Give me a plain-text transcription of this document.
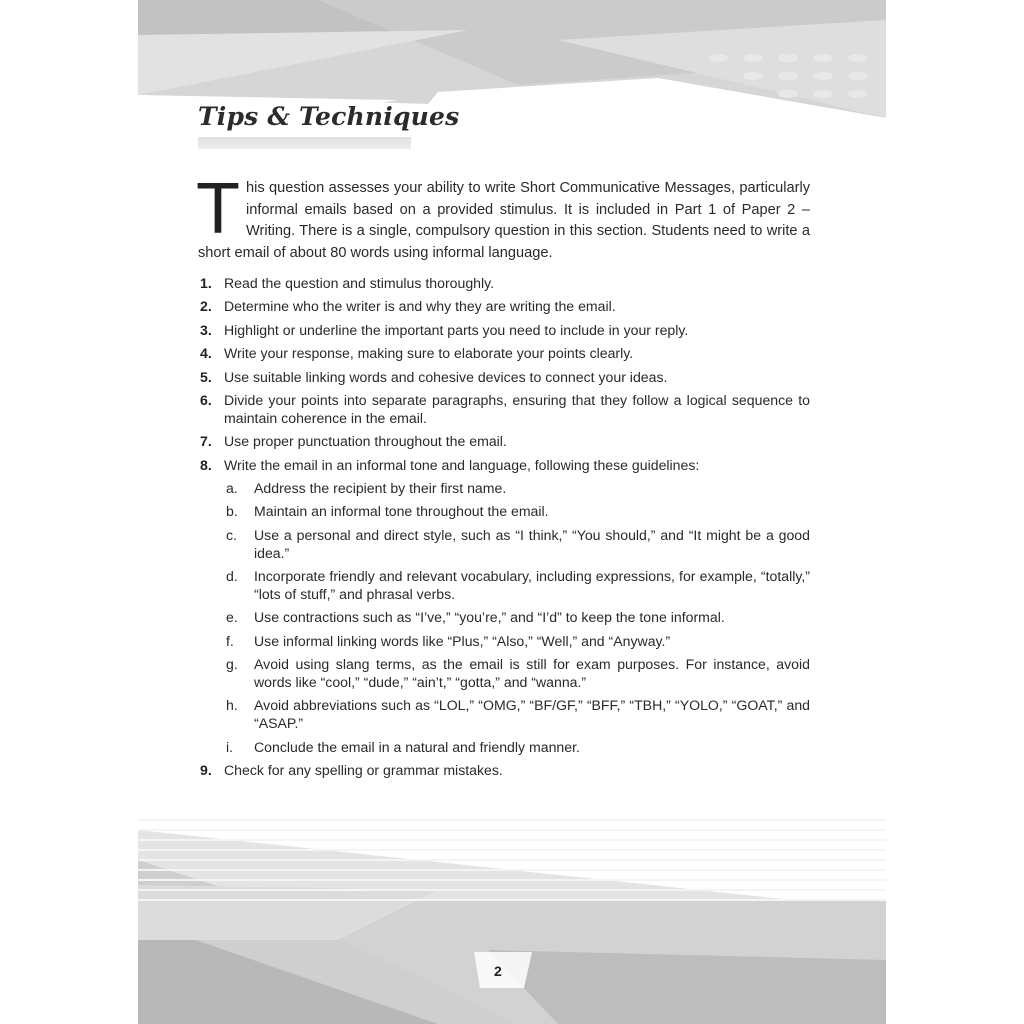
Tips & Techniques

This question assesses your ability to write Short Communicative Messages, particularly informal emails based on a provided stimulus. It is included in Part 1 of Paper 2 – Writing. There is a single, compulsory question in this section. Students need to write a short email of about 80 words using informal language.

1. Read the question and stimulus thoroughly.
2. Determine who the writer is and why they are writing the email.
3. Highlight or underline the important parts you need to include in your reply.
4. Write your response, making sure to elaborate your points clearly.
5. Use suitable linking words and cohesive devices to connect your ideas.
6. Divide your points into separate paragraphs, ensuring that they follow a logical sequence to maintain coherence in the email.
7. Use proper punctuation throughout the email.
8. Write the email in an informal tone and language, following these guidelines:
a.	Address the recipient by their first name.
b.	Maintain an informal tone throughout the email.
c.	Use a personal and direct style, such as “I think,” “You should,” and “It might be a good idea.”
d.	Incorporate friendly and relevant vocabulary, including expressions, for example, “totally,” “lots of stuff,” and phrasal verbs.
e.	Use contractions such as “I’ve,” “you’re,” and “I’d” to keep the tone informal.
f.	Use informal linking words like “Plus,” “Also,” “Well,” and “Anyway.”
g.	Avoid using slang terms, as the email is still for exam purposes. For instance, avoid words like “cool,” “dude,” “ain’t,” “gotta,” and “wanna.”
h.	Avoid abbreviations such as “LOL,” “OMG,” “BF/GF,” “BFF,” “TBH,” “YOLO,” “GOAT,” and “ASAP.”
i.	Conclude the email in a natural and friendly manner.
9. Check for any spelling or grammar mistakes.
2
